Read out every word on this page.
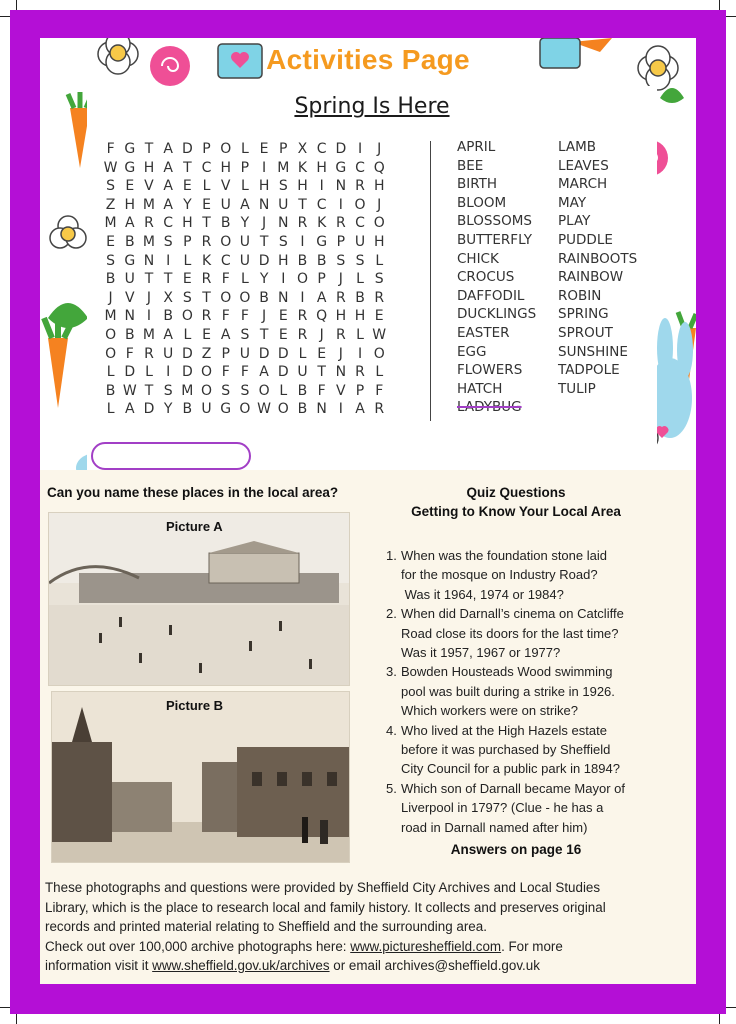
Activities Page
Spring Is Here
F G T A D P O L E P X C D I	J
W G H A T C H P I M K H G C Q
S E V A E L V L H S H I N R H
Z H M A Y E U A N U T C I O J
M A R C H T B Y J N R K R C O
E B M S P R O U T S I G P U H
S G N I L K C U D H B B S S L
B U T T E R F L Y I O P J L S
J V J X S T O O B N I A R B R
M N I B O R F F J E R Q H H E
O B M A L E A S T E R J R L W
O F R U D Z P U D D L E J	I O
L D L I D O F F A D U T N R L
B W T S M O S S O L B F V P F
L A D Y B U G O W O B N I A R
APRIL
BEE
BIRTH
BLOOM
BLOSSOMS
BUTTERFLY
CHICK
CROCUS
DAFFODIL
DUCKLINGS
EASTER
EGG
FLOWERS
HATCH
LADYBUG
LAMB
LEAVES
MARCH
MAY
PLAY
PUDDLE
RAINBOOTS
RAINBOW
ROBIN
SPRING
SPROUT
SUNSHINE
TADPOLE
TULIP
Can you name these places in the local area?	Quiz Questions
Getting to Know Your Local Area
Picture A
Picture B
1. When was the foundation stone laid
for the mosque on Industry Road?
Was it 1964, 1974 or 1984?
2. When did Darnall’s cinema on Catcliffe
Road close its doors for the last time?
Was it 1957, 1967 or 1977?
3. Bowden Housteads Wood swimming
pool was built during a strike in 1926.
Which workers were on strike?
4. Who lived at the High Hazels estate
before it was purchased by Sheffield
City Council for a public park in 1894?
5. Which son of Darnall became Mayor of
Liverpool in 1797? (Clue - he has a
road in Darnall named after him)
Answers on page 16
These photographs and questions were provided by Sheffield City Archives and Local Studies
Library, which is the place to research local and family history. It collects and preserves original
records and printed material relating to Sheffield and the surrounding area.
Check out over 100,000 archive photographs here: www.picturesheffield.com. For more
information visit it www.sheffield.gov.uk/archives or email archives@sheffield.gov.uk
